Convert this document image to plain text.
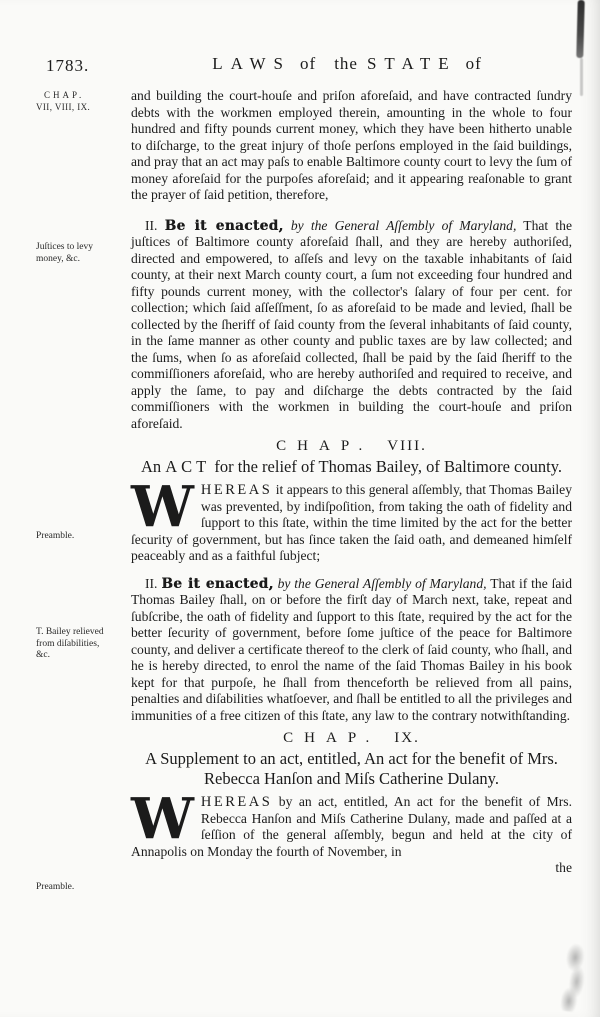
1783.	LAWS of the STATE of
CHAP.
VII, VIII, IX.
Juſtices to levy money, &c.
Preamble.
T. Bailey relieved from diſabilities, &c.
Preamble.

and building the court-houſe and priſon aforeſaid, and have contracted ſundry debts with the workmen employed therein, amounting in the whole to four hundred and fifty pounds current money, which they have been hitherto unable to diſcharge, to the great injury of thoſe perſons employed in the ſaid buildings, and pray that an act may paſs to enable Baltimore county court to levy the ſum of money aforeſaid for the purpoſes aforeſaid; and it appearing reaſonable to grant the prayer of ſaid petition, therefore,

II. Be it enacted, by the General Aſſembly of Maryland, That the juſtices of Baltimore county aforeſaid ſhall, and they are hereby authoriſed, directed and empowered, to aſſeſs and levy on the taxable inhabitants of ſaid county, at their next March county court, a ſum not exceeding four hundred and fifty pounds current money, with the collector's ſalary of four per cent. for collection; which ſaid aſſeſſment, ſo as aforeſaid to be made and levied, ſhall be collected by the ſheriff of ſaid county from the ſeveral inhabitants of ſaid county, in the ſame manner as other county and public taxes are by law collected; and the ſums, when ſo as aforeſaid collected, ſhall be paid by the ſaid ſheriff to the commiſſioners aforeſaid, who are hereby authoriſed and required to receive, and apply the ſame, to pay and diſcharge the debts contracted by the ſaid commiſſioners with the workmen in building the court-houſe and priſon aforeſaid.

CHAP. VIII.
An ACT for the relief of Thomas Bailey, of Baltimore county.

WHEREAS it appears to this general aſſembly, that Thomas Bailey was prevented, by indiſpoſition, from taking the oath of fidelity and ſupport to this ſtate, within the time limited by the act for the better ſecurity of government, but has ſince taken the ſaid oath, and demeaned himſelf peaceably and as a faithful ſubject;

II. Be it enacted, by the General Aſſembly of Maryland, That if the ſaid Thomas Bailey ſhall, on or before the firſt day of March next, take, repeat and ſubſcribe, the oath of fidelity and ſupport to this ſtate, required by the act for the better ſecurity of government, before ſome juſtice of the peace for Baltimore county, and deliver a certificate thereof to the clerk of ſaid county, who ſhall, and he is hereby directed, to enrol the name of the ſaid Thomas Bailey in his book kept for that purpoſe, he ſhall from thenceforth be relieved from all pains, penalties and diſabilities whatſoever, and ſhall be entitled to all the privileges and immunities of a free citizen of this ſtate, any law to the contrary notwithſtanding.

CHAP. IX.
A Supplement to an act, entitled, An act for the benefit of Mrs. Rebecca Hanſon and Miſs Catherine Dulany.

WHEREAS by an act, entitled, An act for the benefit of Mrs. Rebecca Hanſon and Miſs Catherine Dulany, made and paſſed at a ſeſſion of the general aſſembly, begun and held at the city of Annapolis on Monday the fourth of November, in

the
